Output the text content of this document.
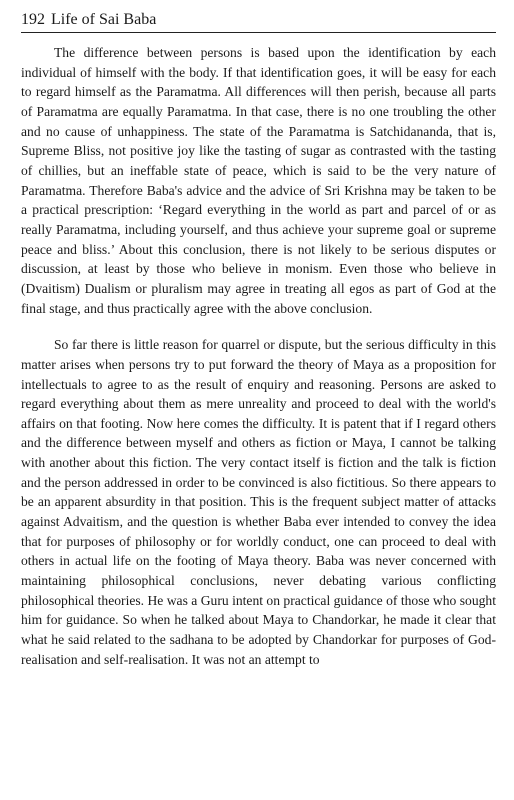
192 Life of Sai Baba

The difference between persons is based upon the identification by each individual of himself with the body. If that identification goes, it will be easy for each to regard himself as the Paramatma. All differences will then perish, because all parts of Paramatma are equally Paramatma. In that case, there is no one troubling the other and no cause of unhappiness. The state of the Paramatma is Satchidananda, that is, Supreme Bliss, not positive joy like the tasting of sugar as contrasted with the tasting of chillies, but an ineffable state of peace, which is said to be the very nature of Paramatma. Therefore Baba's advice and the advice of Sri Krishna may be taken to be a practical prescription: ‘Regard everything in the world as part and parcel of or as really Paramatma, including yourself, and thus achieve your supreme goal or supreme peace and bliss.’ About this conclusion, there is not likely to be serious disputes or discussion, at least by those who believe in monism. Even those who believe in (Dvaitism) Dualism or pluralism may agree in treating all egos as part of God at the final stage, and thus practically agree with the above conclusion.

So far there is little reason for quarrel or dispute, but the serious difficulty in this matter arises when persons try to put forward the theory of Maya as a proposition for intellectuals to agree to as the result of enquiry and reasoning. Persons are asked to regard everything about them as mere unreality and proceed to deal with the world's affairs on that footing. Now here comes the difficulty. It is patent that if I regard others and the difference between myself and others as fiction or Maya, I cannot be talking with another about this fiction. The very contact itself is fiction and the talk is fiction and the person addressed in order to be convinced is also fictitious. So there appears to be an apparent absurdity in that position. This is the frequent subject matter of attacks against Advaitism, and the question is whether Baba ever intended to convey the idea that for purposes of philosophy or for worldly conduct, one can proceed to deal with others in actual life on the footing of Maya theory. Baba was never concerned with maintaining philosophical conclusions, never debating various conflicting philosophical theories. He was a Guru intent on practical guidance of those who sought him for guidance. So when he talked about Maya to Chandorkar, he made it clear that what he said related to the sadhana to be adopted by Chandorkar for purposes of God-realisation and self-realisation. It was not an attempt to
